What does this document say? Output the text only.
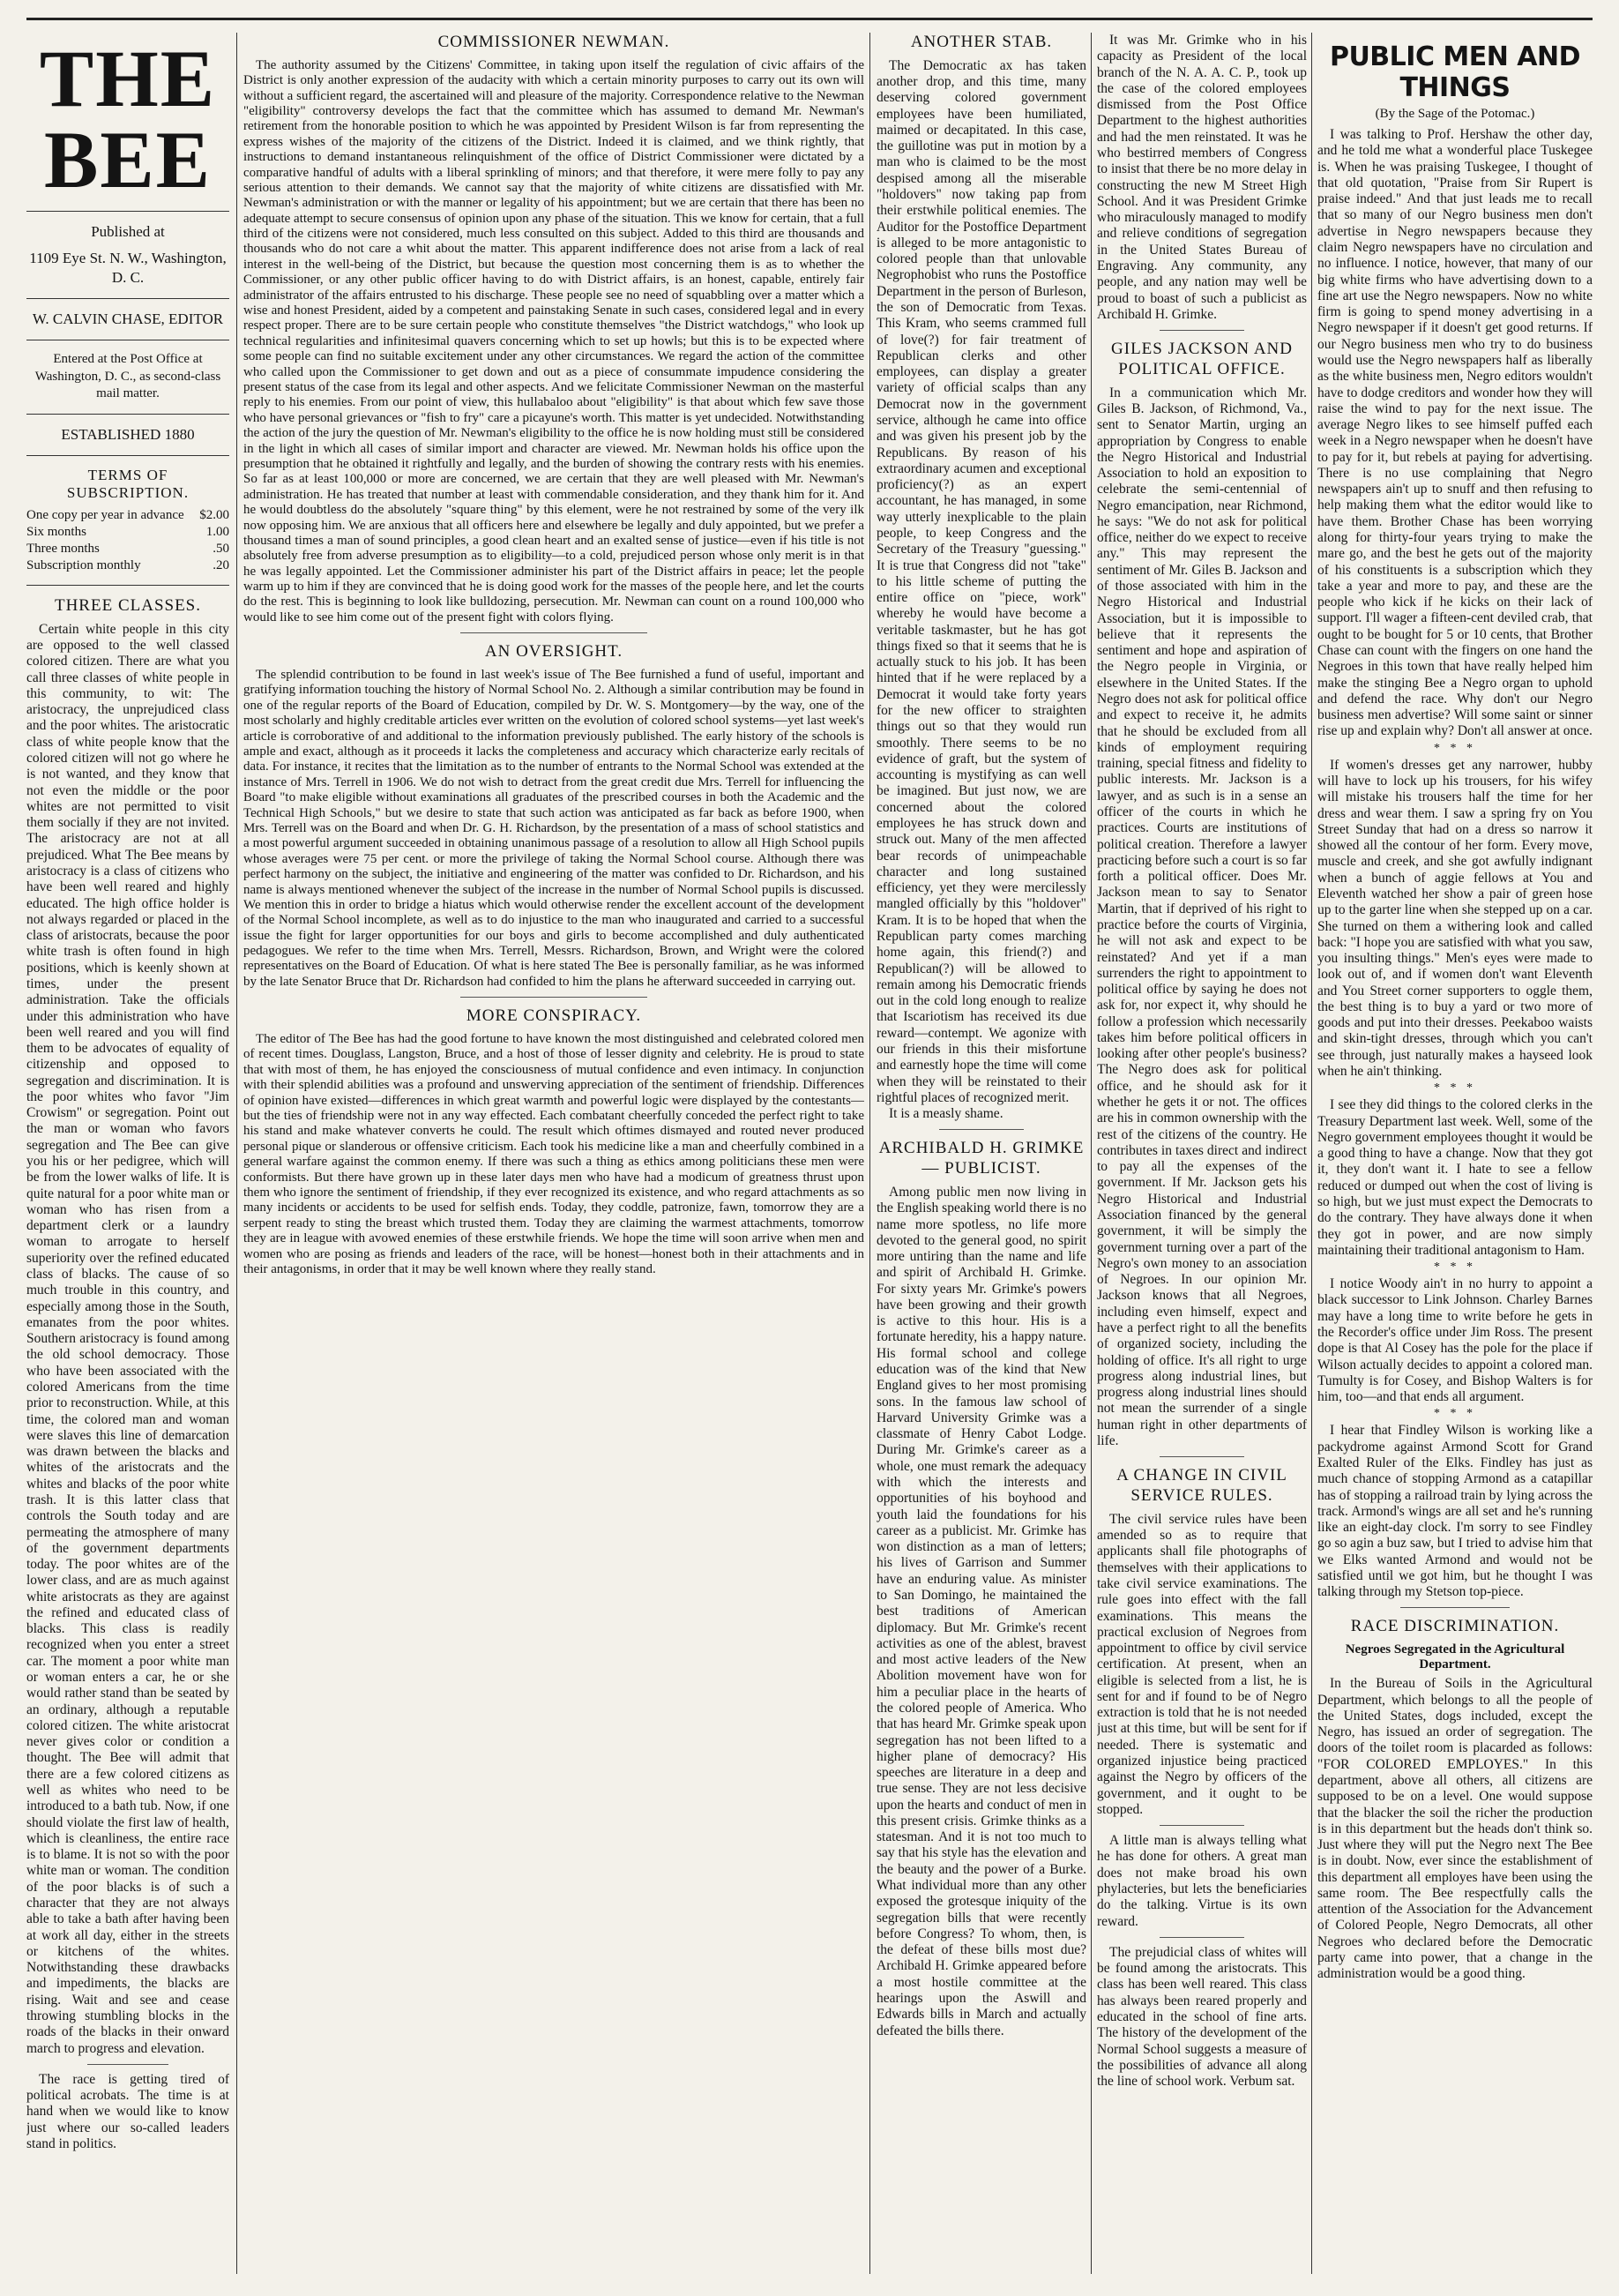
THE BEE
Published at
1109 Eye St. N. W., Washington, D. C.
W. CALVIN CHASE, EDITOR
Entered at the Post Office at Washington, D. C., as second-class mail matter.
ESTABLISHED 1880
TERMS OF SUBSCRIPTION.
One copy per year in advance	$2.00
Six months	1.00
Three months	.50
Subscription monthly	.20
THREE CLASSES.

Certain white people in this city are opposed to the well classed colored citizen. There are what you call three classes of white people in this community, to wit: The aristocracy, the unprejudiced class and the poor whites. The aristocratic class of white people know that the colored citizen will not go where he is not wanted, and they know that not even the middle or the poor whites are not permitted to visit them socially if they are not invited. The aristocracy are not at all prejudiced. What The Bee means by aristocracy is a class of citizens who have been well reared and highly educated. The high office holder is not always regarded or placed in the class of aristocrats, because the poor white trash is often found in high positions, which is keenly shown at times, under the present administration. Take the officials under this administration who have been well reared and you will find them to be advocates of equality of citizenship and opposed to segregation and discrimination. It is the poor whites who favor "Jim Crowism" or segregation. Point out the man or woman who favors segregation and The Bee can give you his or her pedigree, which will be from the lower walks of life. It is quite natural for a poor white man or woman who has risen from a department clerk or a laundry woman to arrogate to herself superiority over the refined educated class of blacks. The cause of so much trouble in this country, and especially among those in the South, emanates from the poor whites. Southern aristocracy is found among the old school democracy. Those who have been associated with the colored Americans from the time prior to reconstruction. While, at this time, the colored man and woman were slaves this line of demarcation was drawn between the blacks and whites of the aristocrats and the whites and blacks of the poor white trash. It is this latter class that controls the South today and are permeating the atmosphere of many of the government departments today. The poor whites are of the lower class, and are as much against white aristocrats as they are against the refined and educated class of blacks. This class is readily recognized when you enter a street car. The moment a poor white man or woman enters a car, he or she would rather stand than be seated by an ordinary, although a reputable colored citizen. The white aristocrat never gives color or condition a thought. The Bee will admit that there are a few colored citizens as well as whites who need to be introduced to a bath tub. Now, if one should violate the first law of health, which is cleanliness, the entire race is to blame. It is not so with the poor white man or woman. The condition of the poor blacks is of such a character that they are not always able to take a bath after having been at work all day, either in the streets or kitchens of the whites. Notwithstanding these drawbacks and impediments, the blacks are rising. Wait and see and cease throwing stumbling blocks in the roads of the blacks in their onward march to progress and elevation.

The race is getting tired of political acrobats. The time is at hand when we would like to know just where our so-called leaders stand in politics.

COMMISSIONER NEWMAN.

The authority assumed by the Citizens' Committee, in taking upon itself the regulation of civic affairs of the District is only another expression of the audacity with which a certain minority purposes to carry out its own will without a sufficient regard, the ascertained will and pleasure of the majority. Correspondence relative to the Newman "eligibility" controversy develops the fact that the committee which has assumed to demand Mr. Newman's retirement from the honorable position to which he was appointed by President Wilson is far from representing the express wishes of the majority of the citizens of the District. Indeed it is claimed, and we think rightly, that instructions to demand instantaneous relinquishment of the office of District Commissioner were dictated by a comparative handful of adults with a liberal sprinkling of minors; and that therefore, it were mere folly to pay any serious attention to their demands. We cannot say that the majority of white citizens are dissatisfied with Mr. Newman's administration or with the manner or legality of his appointment; but we are certain that there has been no adequate attempt to secure consensus of opinion upon any phase of the situation. This we know for certain, that a full third of the citizens were not considered, much less consulted on this subject. Added to this third are thousands and thousands who do not care a whit about the matter. This apparent indifference does not arise from a lack of real interest in the well-being of the District, but because the question most concerning them is as to whether the Commissioner, or any other public officer having to do with District affairs, is an honest, capable, entirely fair administrator of the affairs entrusted to his discharge. These people see no need of squabbling over a matter which a wise and honest President, aided by a competent and painstaking Senate in such cases, considered legal and in every respect proper. There are to be sure certain people who constitute themselves "the District watchdogs," who look up technical regularities and infinitesimal quavers concerning which to set up howls; but this is to be expected where some people can find no suitable excitement under any other circumstances. We regard the action of the committee who called upon the Commissioner to get down and out as a piece of consummate impudence considering the present status of the case from its legal and other aspects. And we felicitate Commissioner Newman on the masterful reply to his enemies. From our point of view, this hullabaloo about "eligibility" is that about which few save those who have personal grievances or "fish to fry" care a picayune's worth. This matter is yet undecided. Notwithstanding the action of the jury the question of Mr. Newman's eligibility to the office he is now holding must still be considered in the light in which all cases of similar import and character are viewed. Mr. Newman holds his office upon the presumption that he obtained it rightfully and legally, and the burden of showing the contrary rests with his enemies. So far as at least 100,000 or more are concerned, we are certain that they are well pleased with Mr. Newman's administration. He has treated that number at least with commendable consideration, and they thank him for it. And he would doubtless do the absolutely "square thing" by this element, were he not restrained by some of the very ilk now opposing him. We are anxious that all officers here and elsewhere be legally and duly appointed, but we prefer a thousand times a man of sound principles, a good clean heart and an exalted sense of justice—even if his title is not absolutely free from adverse presumption as to eligibility—to a cold, prejudiced person whose only merit is in that he was legally appointed. Let the Commissioner administer his part of the District affairs in peace; let the people warm up to him if they are convinced that he is doing good work for the masses of the people here, and let the courts do the rest. This is beginning to look like bulldozing, persecution. Mr. Newman can count on a round 100,000 who would like to see him come out of the present fight with colors flying.

AN OVERSIGHT.

The splendid contribution to be found in last week's issue of The Bee furnished a fund of useful, important and gratifying information touching the history of Normal School No. 2. Although a similar contribution may be found in one of the regular reports of the Board of Education, compiled by Dr. W. S. Montgomery—by the way, one of the most scholarly and highly creditable articles ever written on the evolution of colored school systems—yet last week's article is corroborative of and additional to the information previously published. The early history of the schools is ample and exact, although as it proceeds it lacks the completeness and accuracy which characterize early recitals of data. For instance, it recites that the limitation as to the number of entrants to the Normal School was extended at the instance of Mrs. Terrell in 1906. We do not wish to detract from the great credit due Mrs. Terrell for influencing the Board "to make eligible without examinations all graduates of the prescribed courses in both the Academic and the Technical High Schools," but we desire to state that such action was anticipated as far back as before 1900, when Mrs. Terrell was on the Board and when Dr. G. H. Richardson, by the presentation of a mass of school statistics and a most powerful argument succeeded in obtaining unanimous passage of a resolution to allow all High School pupils whose averages were 75 per cent. or more the privilege of taking the Normal School course. Although there was perfect harmony on the subject, the initiative and engineering of the matter was confided to Dr. Richardson, and his name is always mentioned whenever the subject of the increase in the number of Normal School pupils is discussed. We mention this in order to bridge a hiatus which would otherwise render the excellent account of the development of the Normal School incomplete, as well as to do injustice to the man who inaugurated and carried to a successful issue the fight for larger opportunities for our boys and girls to become accomplished and duly authenticated pedagogues. We refer to the time when Mrs. Terrell, Messrs. Richardson, Brown, and Wright were the colored representatives on the Board of Education. Of what is here stated The Bee is personally familiar, as he was informed by the late Senator Bruce that Dr. Richardson had confided to him the plans he afterward succeeded in carrying out.

MORE CONSPIRACY.

The editor of The Bee has had the good fortune to have known the most distinguished and celebrated colored men of recent times. Douglass, Langston, Bruce, and a host of those of lesser dignity and celebrity. He is proud to state that with most of them, he has enjoyed the consciousness of mutual confidence and even intimacy. In conjunction with their splendid abilities was a profound and unswerving appreciation of the sentiment of friendship. Differences of opinion have existed—differences in which great warmth and powerful logic were displayed by the contestants—but the ties of friendship were not in any way effected. Each combatant cheerfully conceded the perfect right to take his stand and make whatever converts he could. The result which oftimes dismayed and routed never produced personal pique or slanderous or offensive criticism. Each took his medicine like a man and cheerfully combined in a general warfare against the common enemy. If there was such a thing as ethics among politicians these men were conformists. But there have grown up in these later days men who have had a modicum of greatness thrust upon them who ignore the sentiment of friendship, if they ever recognized its existence, and who regard attachments as so many incidents or accidents to be used for selfish ends. Today, they coddle, patronize, fawn, tomorrow they are a serpent ready to sting the breast which trusted them. Today they are claiming the warmest attachments, tomorrow they are in league with avowed enemies of these erstwhile friends. We hope the time will soon arrive when men and women who are posing as friends and leaders of the race, will be honest—honest both in their attachments and in their antagonisms, in order that it may be well known where they really stand.

ANOTHER STAB.

The Democratic ax has taken another drop, and this time, many deserving colored government employees have been humiliated, maimed or decapitated. In this case, the guillotine was put in motion by a man who is claimed to be the most despised among all the miserable "holdovers" now taking pap from their erstwhile political enemies. The Auditor for the Postoffice Department is alleged to be more antagonistic to colored people than that unlovable Negrophobist who runs the Postoffice Department in the person of Burleson, the son of Democratic from Texas. This Kram, who seems crammed full of love(?) for fair treatment of Republican clerks and other employees, can display a greater variety of official scalps than any Democrat now in the government service, although he came into office and was given his present job by the Republicans. By reason of his extraordinary acumen and exceptional proficiency(?) as an expert accountant, he has managed, in some way utterly inexplicable to the plain people, to keep Congress and the Secretary of the Treasury "guessing." It is true that Congress did not "take" to his little scheme of putting the entire office on "piece, work" whereby he would have become a veritable taskmaster, but he has got things fixed so that it seems that he is actually stuck to his job. It has been hinted that if he were replaced by a Democrat it would take forty years for the new officer to straighten things out so that they would run smoothly. There seems to be no evidence of graft, but the system of accounting is mystifying as can well be imagined. But just now, we are concerned about the colored employees he has struck down and struck out. Many of the men affected bear records of unimpeachable character and long sustained efficiency, yet they were mercilessly mangled officially by this "holdover" Kram. It is to be hoped that when the Republican party comes marching home again, this friend(?) and Republican(?) will be allowed to remain among his Democratic friends out in the cold long enough to realize that Iscariotism has received its due reward—contempt. We agonize with our friends in this their misfortune and earnestly hope the time will come when they will be reinstated to their rightful places of recognized merit.

It is a measly shame.

ARCHIBALD H. GRIMKE— PUBLICIST.

Among public men now living in the English speaking world there is no name more spotless, no life more devoted to the general good, no spirit more untiring than the name and life and spirit of Archibald H. Grimke. For sixty years Mr. Grimke's powers have been growing and their growth is active to this hour. His is a fortunate heredity, his a happy nature. His formal school and college education was of the kind that New England gives to her most promising sons. In the famous law school of Harvard University Grimke was a classmate of Henry Cabot Lodge. During Mr. Grimke's career as a whole, one must remark the adequacy with which the interests and opportunities of his boyhood and youth laid the foundations for his career as a publicist. Mr. Grimke has won distinction as a man of letters; his lives of Garrison and Summer have an enduring value. As minister to San Domingo, he maintained the best traditions of American diplomacy. But Mr. Grimke's recent activities as one of the ablest, bravest and most active leaders of the New Abolition movement have won for him a peculiar place in the hearts of the colored people of America. Who that has heard Mr. Grimke speak upon segregation has not been lifted to a higher plane of democracy? His speeches are literature in a deep and true sense. They are not less decisive upon the hearts and conduct of men in this present crisis. Grimke thinks as a statesman. And it is not too much to say that his style has the elevation and the beauty and the power of a Burke. What individual more than any other exposed the grotesque iniquity of the segregation bills that were recently before Congress? To whom, then, is the defeat of these bills most due? Archibald H. Grimke appeared before a most hostile committee at the hearings upon the Aswill and Edwards bills in March and actually defeated the bills there.

It was Mr. Grimke who in his capacity as President of the local branch of the N. A. A. C. P., took up the case of the colored employees dismissed from the Post Office Department to the highest authorities and had the men reinstated. It was he who bestirred members of Congress to insist that there be no more delay in constructing the new M Street High School. And it was President Grimke who miraculously managed to modify and relieve conditions of segregation in the United States Bureau of Engraving. Any community, any people, and any nation may well be proud to boast of such a publicist as Archibald H. Grimke.

GILES JACKSON AND POLITICAL OFFICE.

In a communication which Mr. Giles B. Jackson, of Richmond, Va., sent to Senator Martin, urging an appropriation by Congress to enable the Negro Historical and Industrial Association to hold an exposition to celebrate the semi-centennial of Negro emancipation, near Richmond, he says: "We do not ask for political office, neither do we expect to receive any." This may represent the sentiment of Mr. Giles B. Jackson and of those associated with him in the Negro Historical and Industrial Association, but it is impossible to believe that it represents the sentiment and hope and aspiration of the Negro people in Virginia, or elsewhere in the United States. If the Negro does not ask for political office and expect to receive it, he admits that he should be excluded from all kinds of employment requiring training, special fitness and fidelity to public interests. Mr. Jackson is a lawyer, and as such is in a sense an officer of the courts in which he practices. Courts are institutions of political creation. Therefore a lawyer practicing before such a court is so far forth a political officer. Does Mr. Jackson mean to say to Senator Martin, that if deprived of his right to practice before the courts of Virginia, he will not ask and expect to be reinstated? And yet if a man surrenders the right to appointment to political office by saying he does not ask for, nor expect it, why should he follow a profession which necessarily takes him before political officers in looking after other people's business? The Negro does ask for political office, and he should ask for it whether he gets it or not. The offices are his in common ownership with the rest of the citizens of the country. He contributes in taxes direct and indirect to pay all the expenses of the government. If Mr. Jackson gets his Negro Historical and Industrial Association financed by the general government, it will be simply the government turning over a part of the Negro's own money to an association of Negroes. In our opinion Mr. Jackson knows that all Negroes, including even himself, expect and have a perfect right to all the benefits of organized society, including the holding of office. It's all right to urge progress along industrial lines, but progress along industrial lines should not mean the surrender of a single human right in other departments of life.

A CHANGE IN CIVIL SERVICE RULES.

The civil service rules have been amended so as to require that applicants shall file photographs of themselves with their applications to take civil service examinations. The rule goes into effect with the fall examinations. This means the practical exclusion of Negroes from appointment to office by civil service certification. At present, when an eligible is selected from a list, he is sent for and if found to be of Negro extraction is told that he is not needed just at this time, but will be sent for if needed. There is systematic and organized injustice being practiced against the Negro by officers of the government, and it ought to be stopped.

A little man is always telling what he has done for others. A great man does not make broad his own phylacteries, but lets the beneficiaries do the talking. Virtue is its own reward.

The prejudicial class of whites will be found among the aristocrats. This class has been well reared. This class has always been reared properly and educated in the school of fine arts. The history of the development of the Normal School suggests a measure of the possibilities of advance all along the line of school work. Verbum sat.

PUBLIC MEN AND THINGS
(By the Sage of the Potomac.)

I was talking to Prof. Hershaw the other day, and he told me what a wonderful place Tuskegee is. When he was praising Tuskegee, I thought of that old quotation, "Praise from Sir Rupert is praise indeed." And that just leads me to recall that so many of our Negro business men don't advertise in Negro newspapers because they claim Negro newspapers have no circulation and no influence. I notice, however, that many of our big white firms who have advertising down to a fine art use the Negro newspapers. Now no white firm is going to spend money advertising in a Negro newspaper if it doesn't get good returns. If our Negro business men who try to do business would use the Negro newspapers half as liberally as the white business men, Negro editors wouldn't have to dodge creditors and wonder how they will raise the wind to pay for the next issue. The average Negro likes to see himself puffed each week in a Negro newspaper when he doesn't have to pay for it, but rebels at paying for advertising. There is no use complaining that Negro newspapers ain't up to snuff and then refusing to help making them what the editor would like to have them. Brother Chase has been worrying along for thirty-four years trying to make the mare go, and the best he gets out of the majority of his constituents is a subscription which they take a year and more to pay, and these are the people who kick if he kicks on their lack of support. I'll wager a fifteen-cent deviled crab, that ought to be bought for 5 or 10 cents, that Brother Chase can count with the fingers on one hand the Negroes in this town that have really helped him make the stinging Bee a Negro organ to uphold and defend the race. Why don't our Negro business men advertise? Will some saint or sinner rise up and explain why? Don't all answer at once.

* * *

If women's dresses get any narrower, hubby will have to lock up his trousers, for his wifey will mistake his trousers half the time for her dress and wear them. I saw a spring fry on You Street Sunday that had on a dress so narrow it showed all the contour of her form. Every move, muscle and creek, and she got awfully indignant when a bunch of aggie fellows at You and Eleventh watched her show a pair of green hose up to the garter line when she stepped up on a car. She turned on them a withering look and called back: "I hope you are satisfied with what you saw, you insulting things." Men's eyes were made to look out of, and if women don't want Eleventh and You Street corner supporters to oggle them, the best thing is to buy a yard or two more of goods and put into their dresses. Peekaboo waists and skin-tight dresses, through which you can't see through, just naturally makes a hayseed look when he ain't thinking.

* * *

I see they did things to the colored clerks in the Treasury Department last week. Well, some of the Negro government employees thought it would be a good thing to have a change. Now that they got it, they don't want it. I hate to see a fellow reduced or dumped out when the cost of living is so high, but we just must expect the Democrats to do the contrary. They have always done it when they got in power, and are now simply maintaining their traditional antagonism to Ham.

* * *

I notice Woody ain't in no hurry to appoint a black successor to Link Johnson. Charley Barnes may have a long time to write before he gets in the Recorder's office under Jim Ross. The present dope is that Al Cosey has the pole for the place if Wilson actually decides to appoint a colored man. Tumulty is for Cosey, and Bishop Walters is for him, too—and that ends all argument.

* * *

I hear that Findley Wilson is working like a packydrome against Armond Scott for Grand Exalted Ruler of the Elks. Findley has just as much chance of stopping Armond as a catapillar has of stopping a railroad train by lying across the track. Armond's wings are all set and he's running like an eight-day clock. I'm sorry to see Findley go so agin a buz saw, but I tried to advise him that we Elks wanted Armond and would not be satisfied until we got him, but he thought I was talking through my Stetson top-piece.

RACE DISCRIMINATION.
Negroes Segregated in the Agricultural Department.

In the Bureau of Soils in the Agricultural Department, which belongs to all the people of the United States, dogs included, except the Negro, has issued an order of segregation. The doors of the toilet room is placarded as follows: "FOR COLORED EMPLOYES." In this department, above all others, all citizens are supposed to be on a level. One would suppose that the blacker the soil the richer the production is in this department but the heads don't think so. Just where they will put the Negro next The Bee is in doubt. Now, ever since the establishment of this department all employes have been using the same room. The Bee respectfully calls the attention of the Association for the Advancement of Colored People, Negro Democrats, all other Negroes who declared before the Democratic party came into power, that a change in the administration would be a good thing.
